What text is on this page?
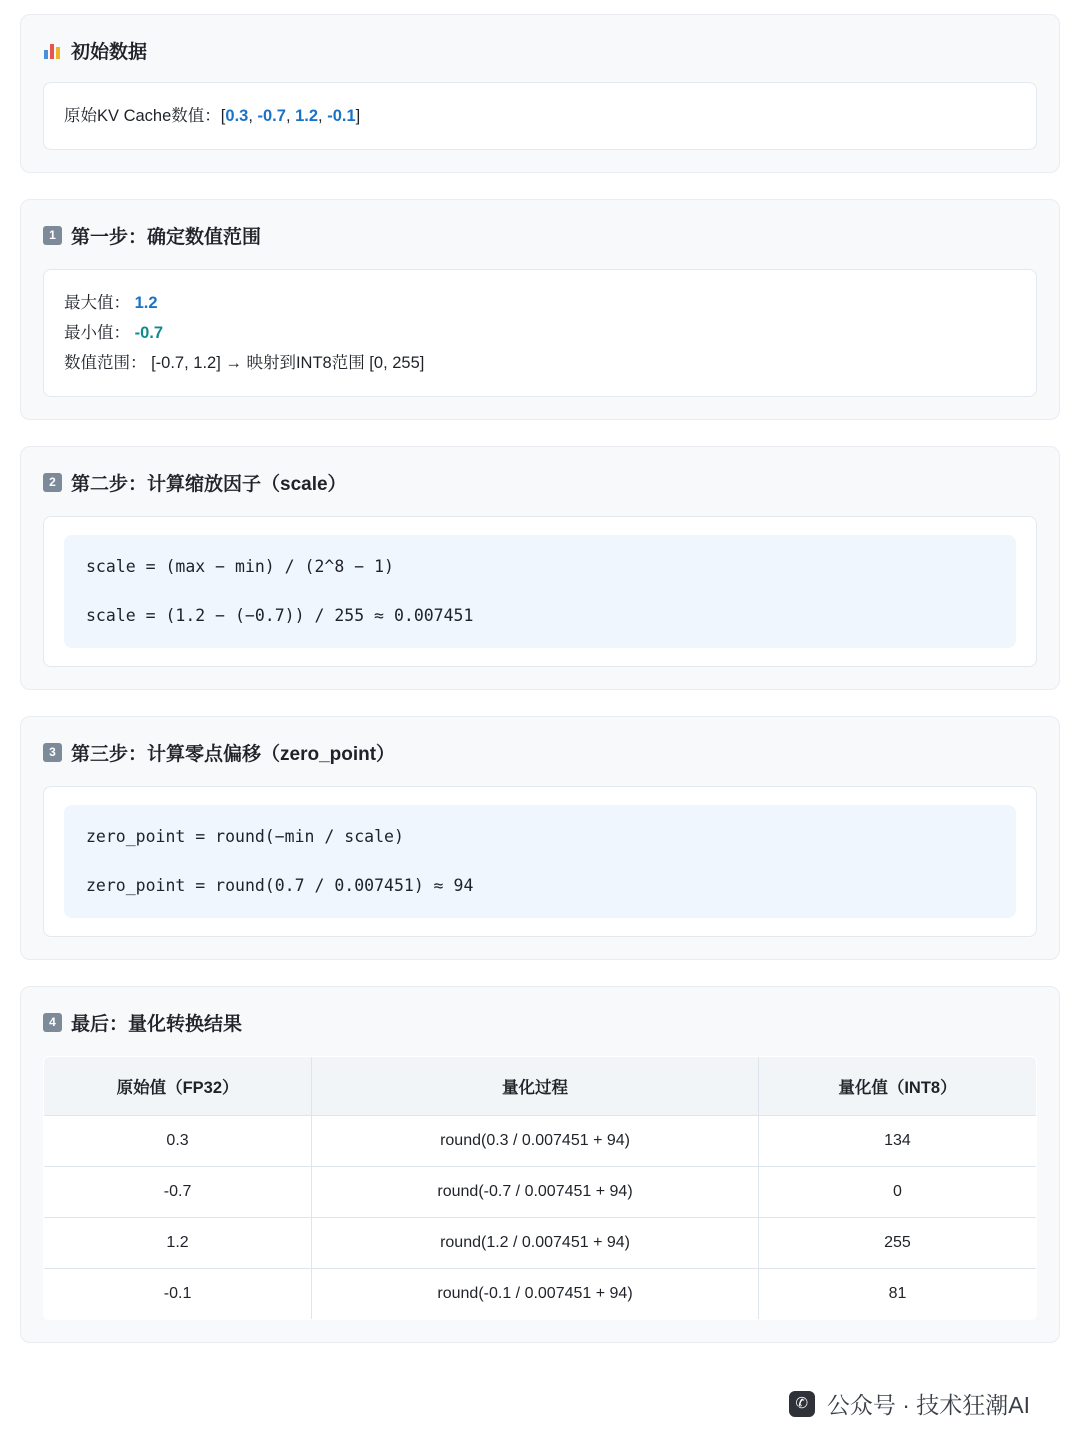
初始数据
原始KV Cache数值：[0.3, -0.7, 1.2, -0.1]
1 第一步：确定数值范围
最大值： 1.2
最小值： -0.7
数值范围： [-0.7, 1.2] → 映射到INT8范围 [0, 255]
2 第二步：计算缩放因子（scale）
scale = (max − min) / (2^8 − 1)
scale = (1.2 − (−0.7)) / 255 ≈ 0.007451
3 第三步：计算零点偏移（zero_point）
zero_point = round(−min / scale)
zero_point = round(0.7 / 0.007451) ≈ 94
4 最后：量化转换结果
原始值（FP32）	量化过程	量化值（INT8）
0.3	round(0.3 / 0.007451 + 94)	134
-0.7	round(-0.7 / 0.007451 + 94)	0
1.2	round(1.2 / 0.007451 + 94)	255
-0.1	round(-0.1 / 0.007451 + 94)	81
✆ 公众号 · 技术狂潮AI
